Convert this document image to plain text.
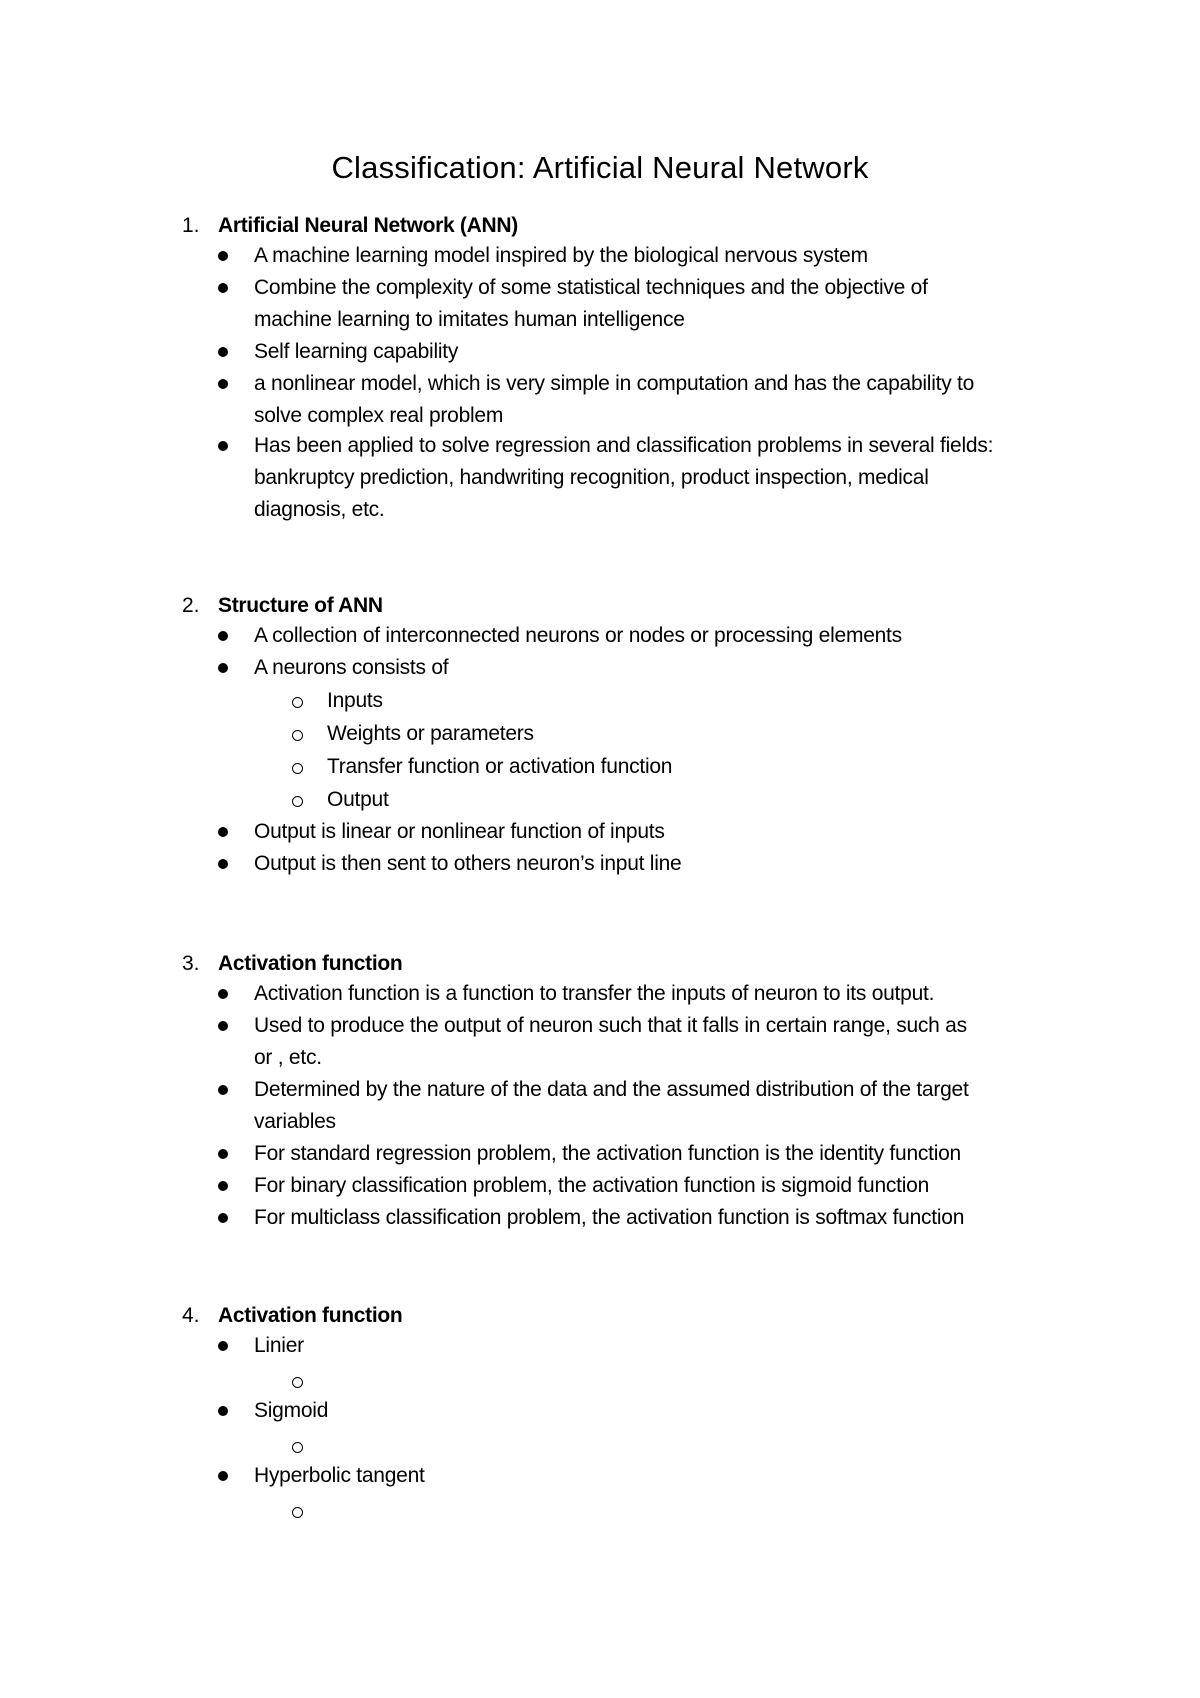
Classification: Artificial Neural Network
1. Artificial Neural Network (ANN)
A machine learning model inspired by the biological nervous system
Combine the complexity of some statistical techniques and the objective of
machine learning to imitates human intelligence
Self learning capability
a nonlinear model, which is very simple in computation and has the capability to
solve complex real problem
Has been applied to solve regression and classification problems in several fields:
bankruptcy prediction, handwriting recognition, product inspection, medical
diagnosis, etc.
2. Structure of ANN
A collection of interconnected neurons or nodes or processing elements
A neurons consists of
Inputs
Weights or parameters
Transfer function or activation function
Output
Output is linear or nonlinear function of inputs
Output is then sent to others neuron’s input line
3. Activation function
Activation function is a function to transfer the inputs of neuron to its output.
Used to produce the output of neuron such that it falls in certain range, such as
or , etc.
Determined by the nature of the data and the assumed distribution of the target
variables
For standard regression problem, the activation function is the identity function
For binary classification problem, the activation function is sigmoid function
For multiclass classification problem, the activation function is softmax function
4. Activation function
Linier
Sigmoid
Hyperbolic tangent
